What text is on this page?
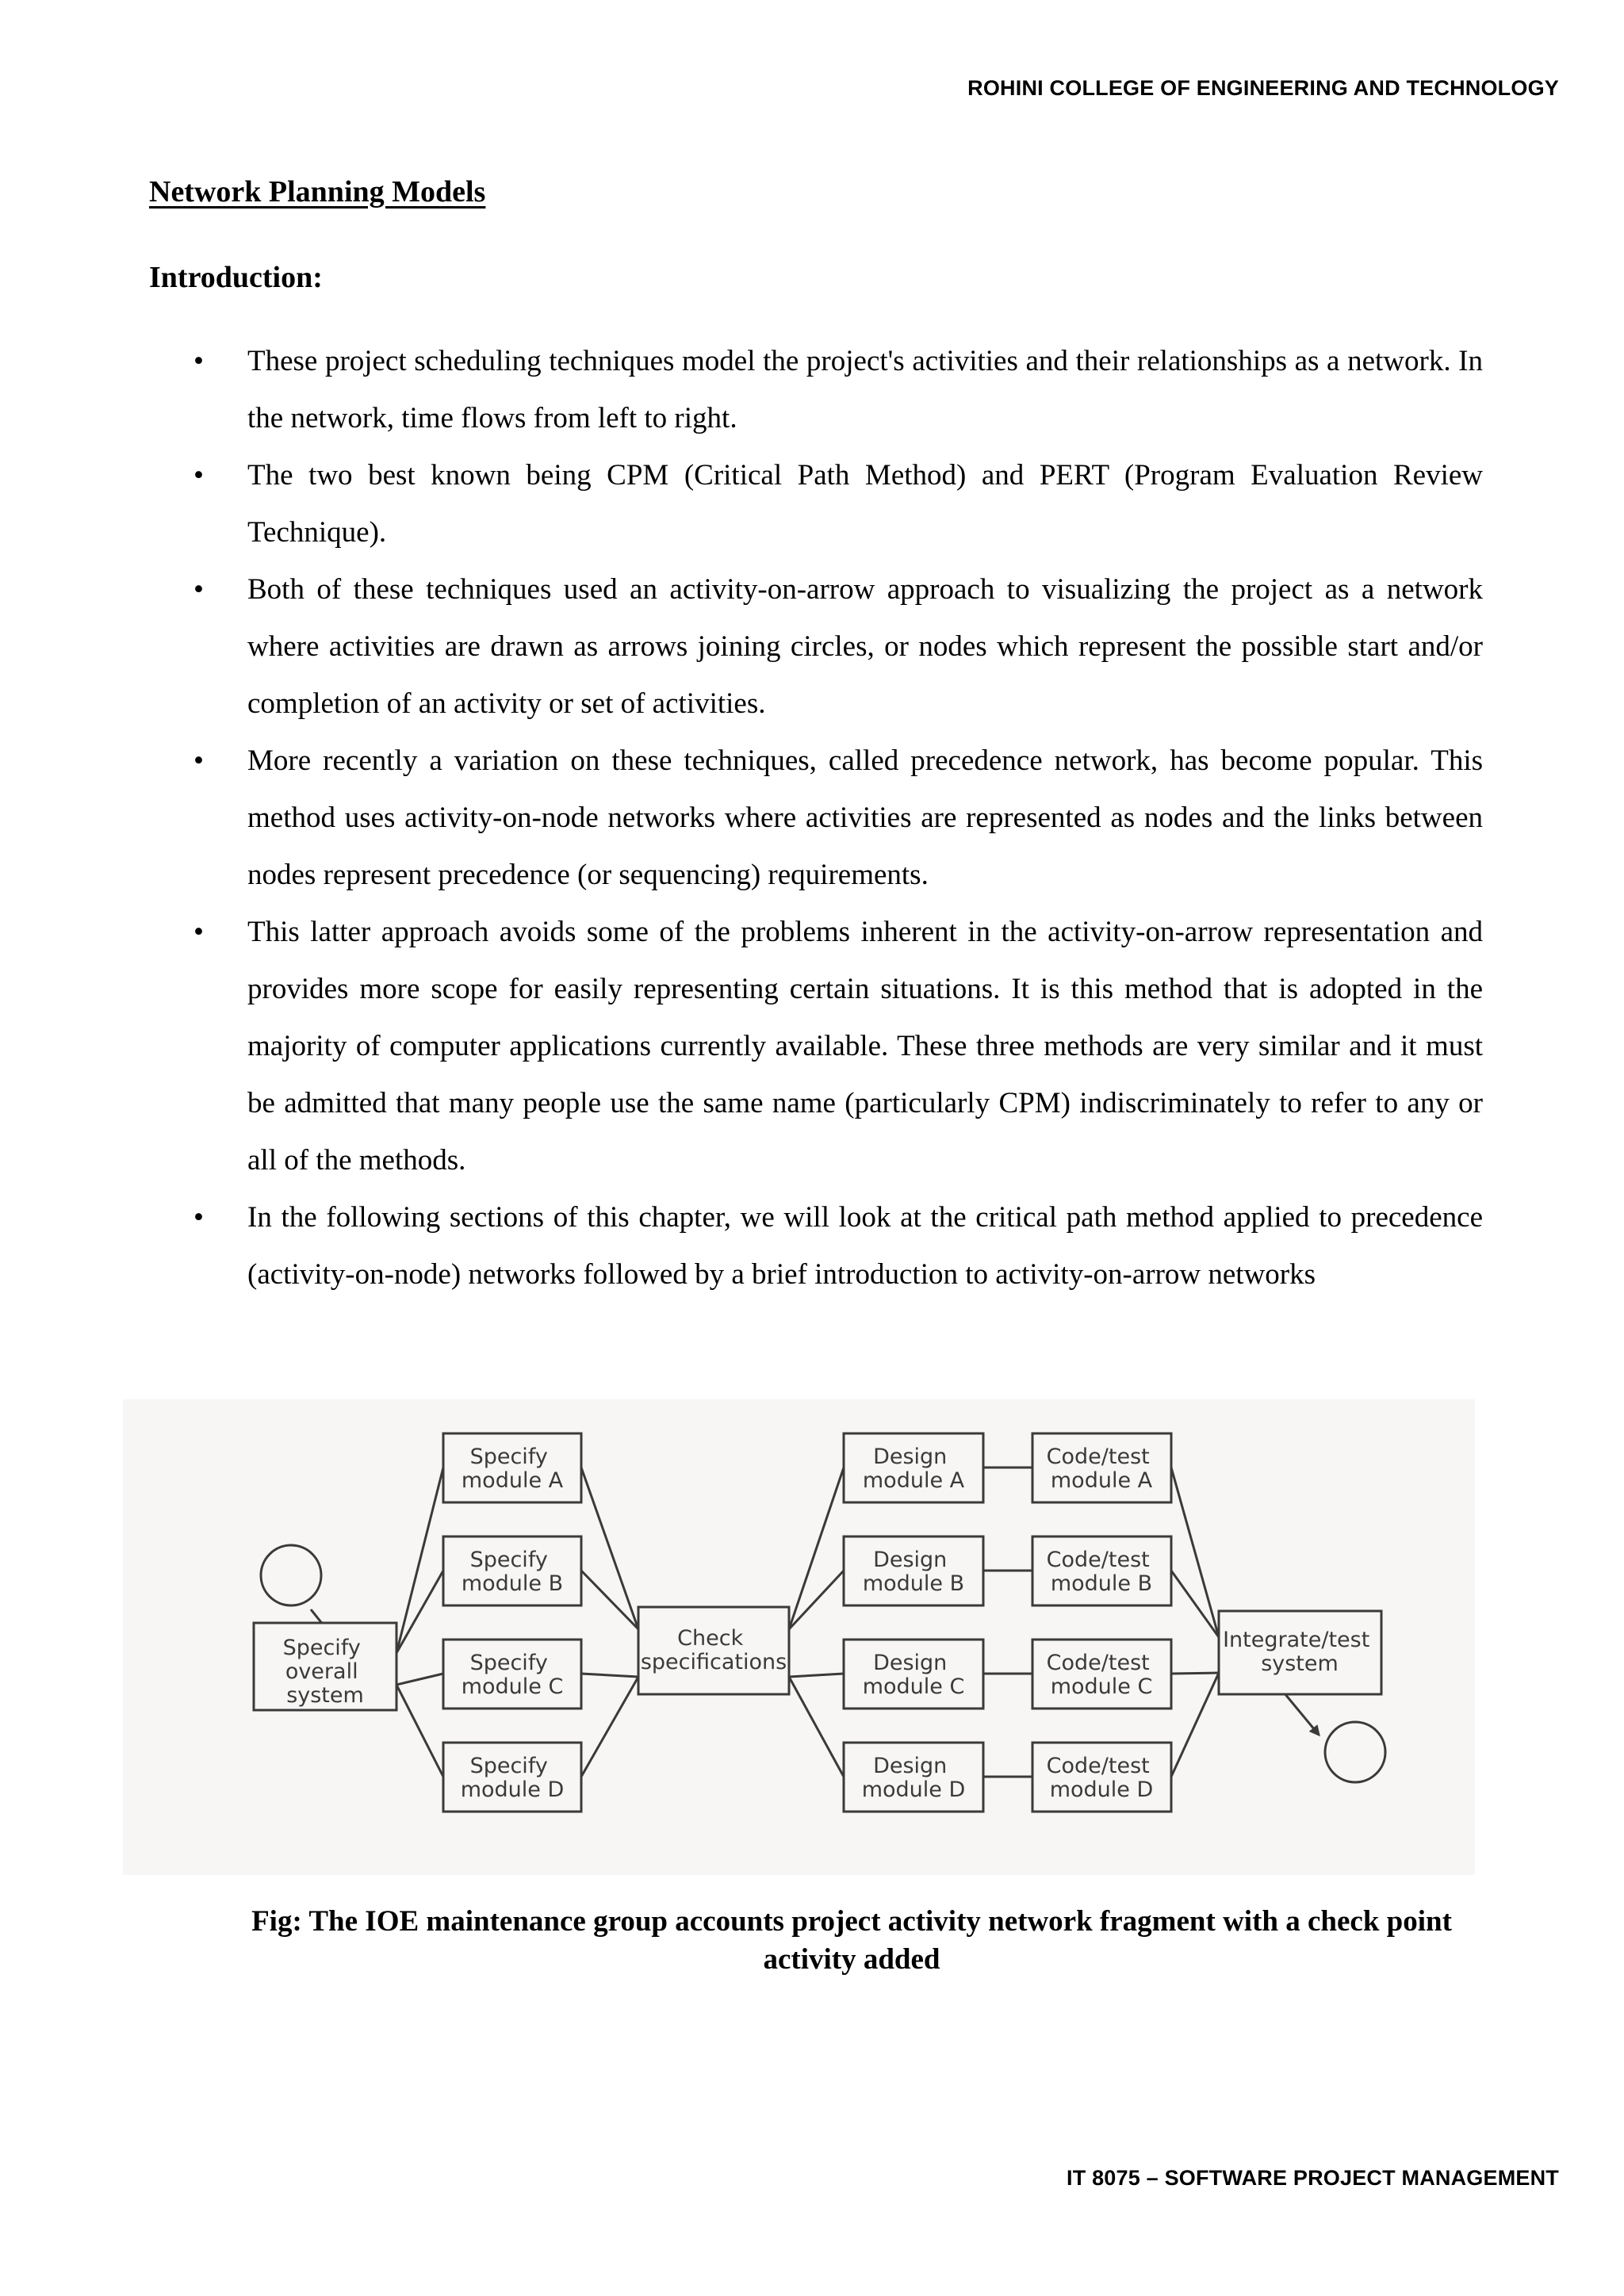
ROHINI COLLEGE OF ENGINEERING AND TECHNOLOGY
Network Planning Models
Introduction:
• These project scheduling techniques model the project's activities and their relationships as a network. In the network, time flows from left to right.
• The two best known being CPM (Critical Path Method) and PERT (Program Evaluation Review Technique).
• Both of these techniques used an activity-on-arrow approach to visualizing the project as a network where activities are drawn as arrows joining circles, or nodes which represent the possible start and/or completion of an activity or set of activities.
• More recently a variation on these techniques, called precedence network, has become popular. This method uses activity-on-node networks where activities are represented as nodes and the links between nodes represent precedence (or sequencing) requirements.
• This latter approach avoids some of the problems inherent in the activity-on-arrow representation and provides more scope for easily representing certain situations. It is this method that is adopted in the majority of computer applications currently available. These three methods are very similar and it must be admitted that many people use the same name (particularly CPM) indiscriminately to refer to any or all of the methods.
• In the following sections of this chapter, we will look at the critical path method applied to precedence (activity-on-node) networks followed by a brief introduction to activity-on-arrow networks
Specify overall system
Specify module A
Specify module B
Specify module C
Specify module D
Check specifications
Design module A
Design module B
Design module C
Design module D
Code/test module A
Code/test module B
Code/test module C
Code/test module D
Integrate/test system
Fig: The IOE maintenance group accounts project activity network fragment with a check point
activity added
IT 8075 – SOFTWARE PROJECT MANAGEMENT
